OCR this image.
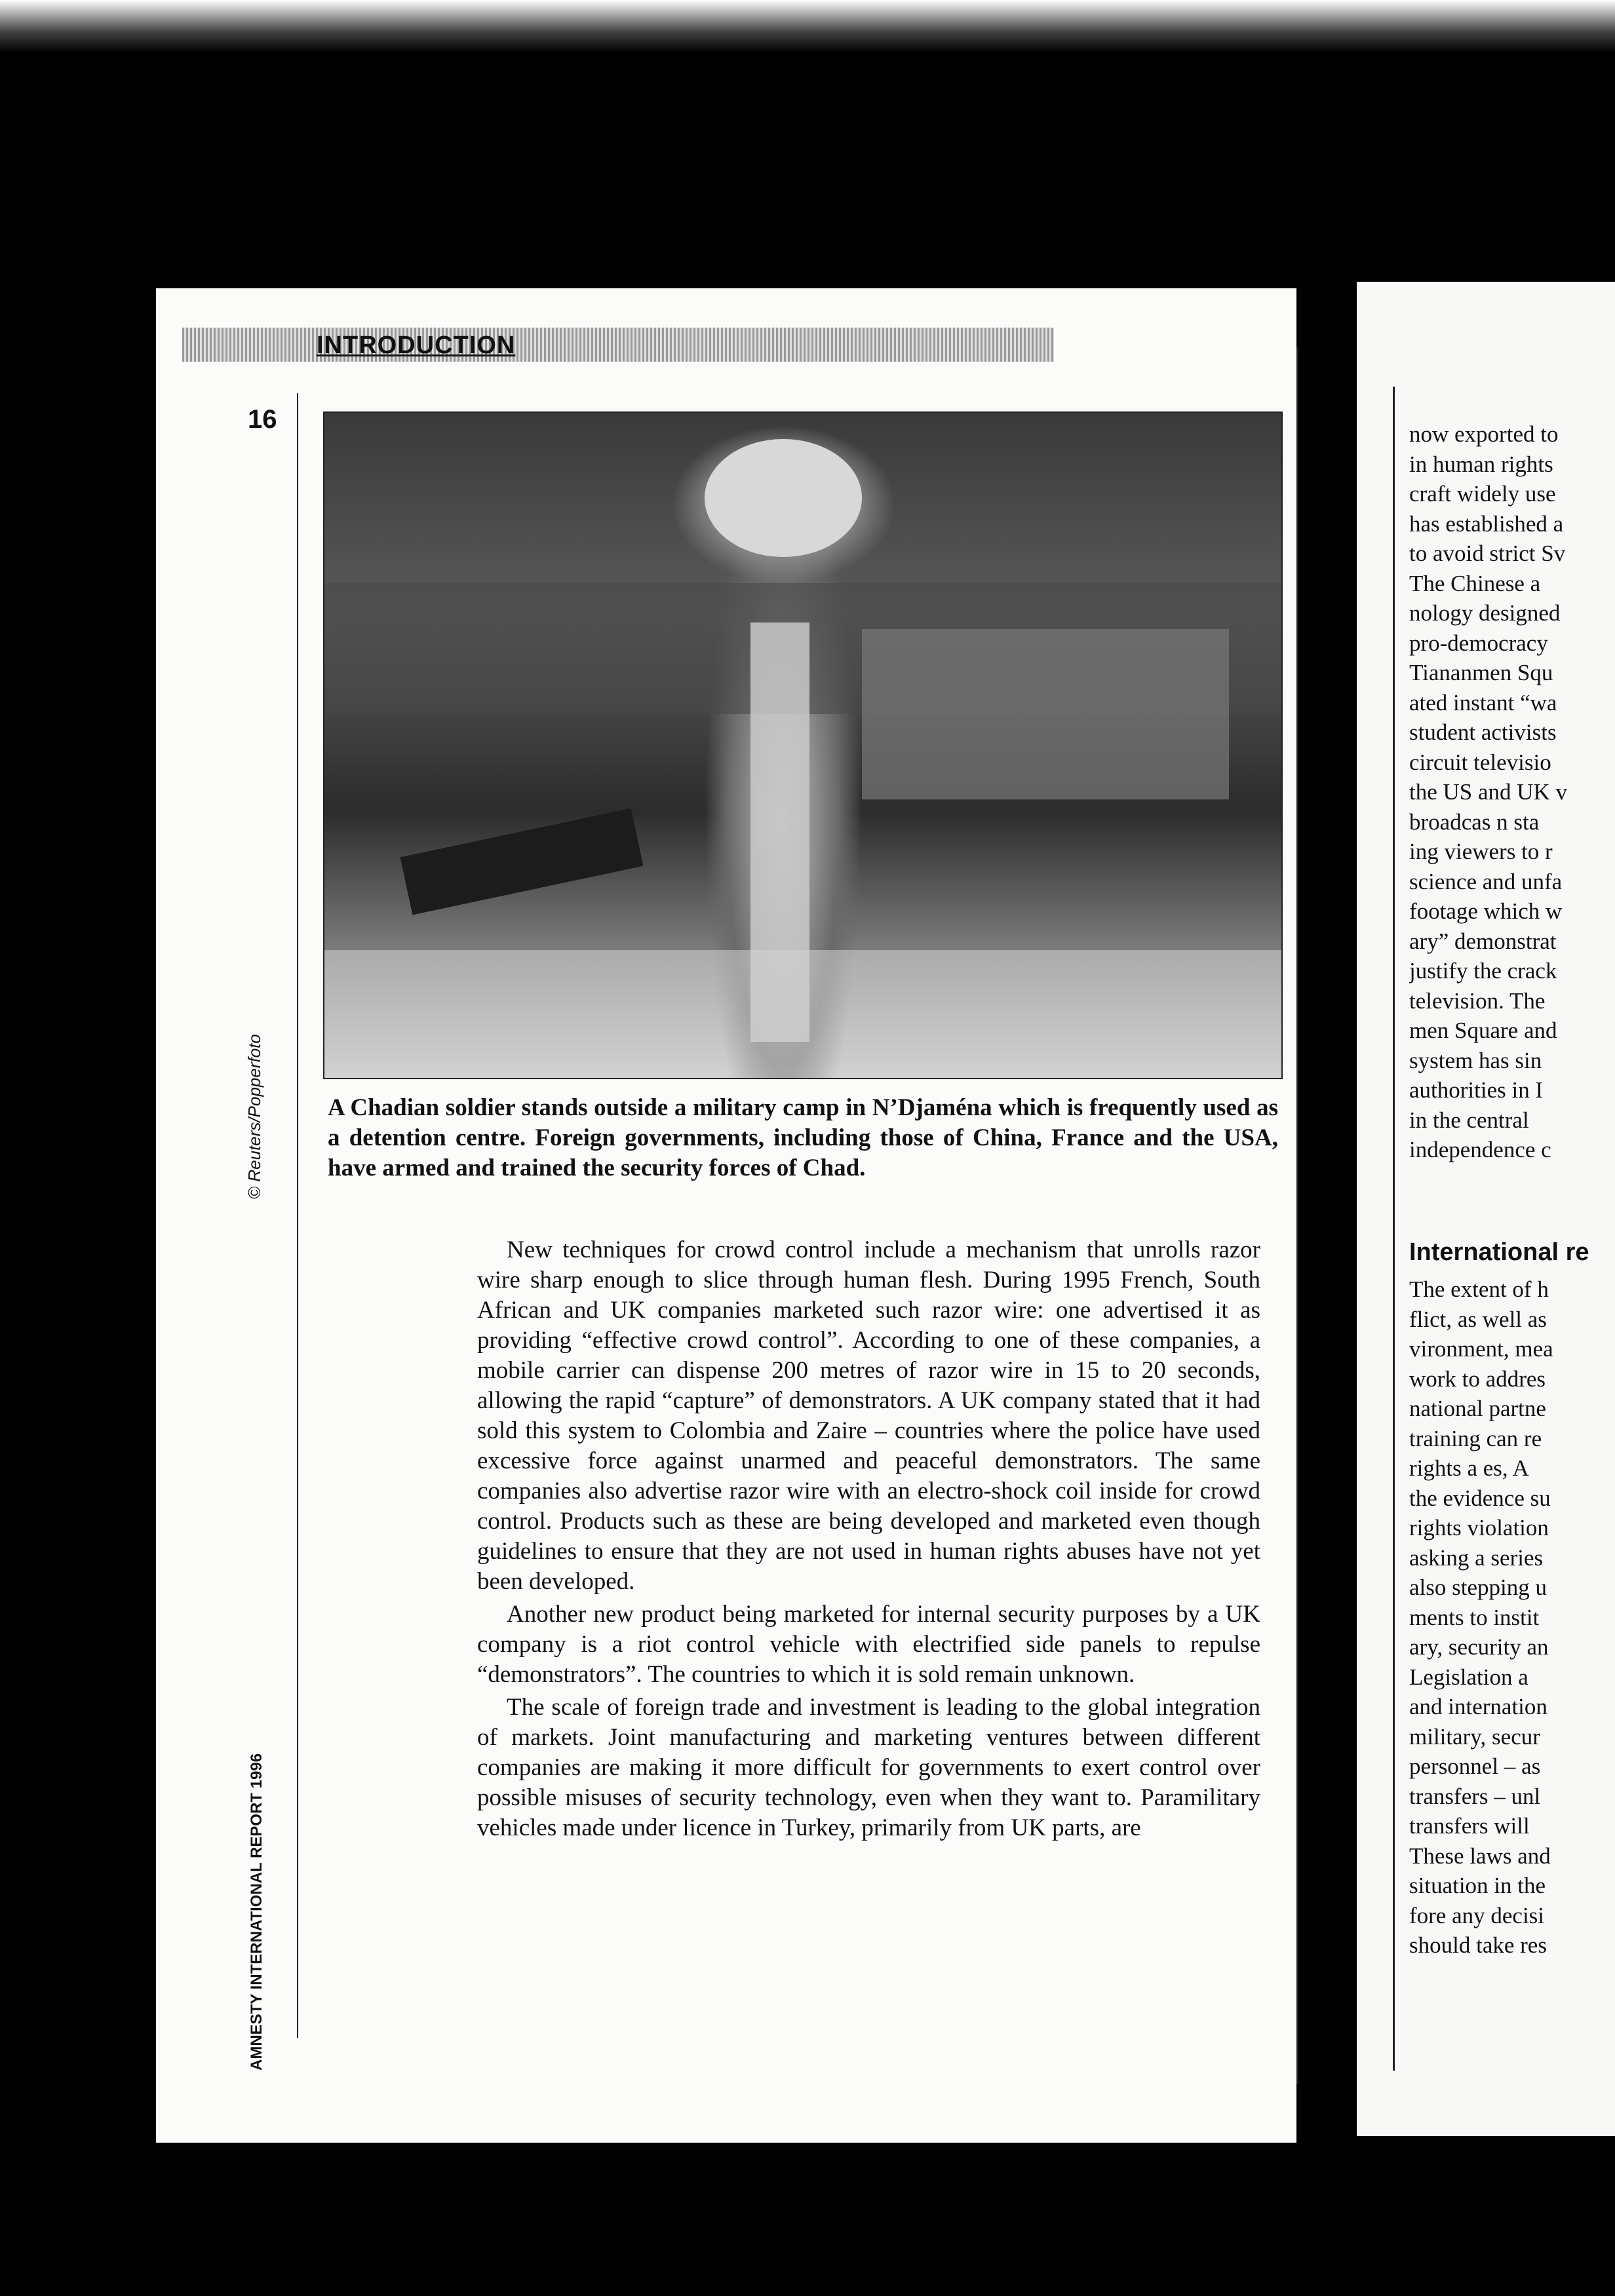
INTRODUCTION
16
© Reuters/Popperfoto
AMNESTY INTERNATIONAL REPORT 1996
A Chadian soldier stands outside a military camp in N’Djaména which is frequently used as a detention centre. Foreign governments, including those of China, France and the USA, have armed and trained the security forces of Chad.

New techniques for crowd control include a mechanism that unrolls razor wire sharp enough to slice through human flesh. During 1995 French, South African and UK companies marketed such razor wire: one advertised it as providing “effective crowd control”. According to one of these companies, a mobile carrier can dispense 200 metres of razor wire in 15 to 20 seconds, allowing the rapid “capture” of demonstrators. A UK company stated that it had sold this system to Colombia and Zaire – countries where the police have used excessive force against unarmed and peaceful demonstrators. The same companies also advertise razor wire with an electro-shock coil inside for crowd control. Products such as these are being developed and marketed even though guidelines to ensure that they are not used in human rights abuses have not yet been developed.

Another new product being marketed for internal security purposes by a UK company is a riot control vehicle with electrified side panels to repulse “demonstrators”. The countries to which it is sold remain unknown.

The scale of foreign trade and investment is leading to the global integration of markets. Joint manufacturing and marketing ventures between different companies are making it more difficult for governments to exert control over possible misuses of security technology, even when they want to. Paramilitary vehicles made under licence in Turkey, primarily from UK parts, are

now exported to
in human rights
craft widely use
has established a
to avoid strict Sv
The Chinese a
nology designed
pro-democracy
Tiananmen Squ
ated instant “wa
student activists
circuit televisio
the US and UK v
broadcas n sta
ing viewers to r
science and unfa
footage which w
ary” demonstrat
justify the crack
television. The
men Square and
system has sin
authorities in I
in the central
independence c
International re
The extent of h
flict, as well as
vironment, mea
work to addres
national partne
training can re
rights a es, A
the evidence su
rights violation
asking a series
also stepping u
ments to instit
ary, security an
Legislation a
and internation
military, secur
personnel – as
transfers – unl
transfers will
These laws and
situation in the
fore any decisi
should take res
